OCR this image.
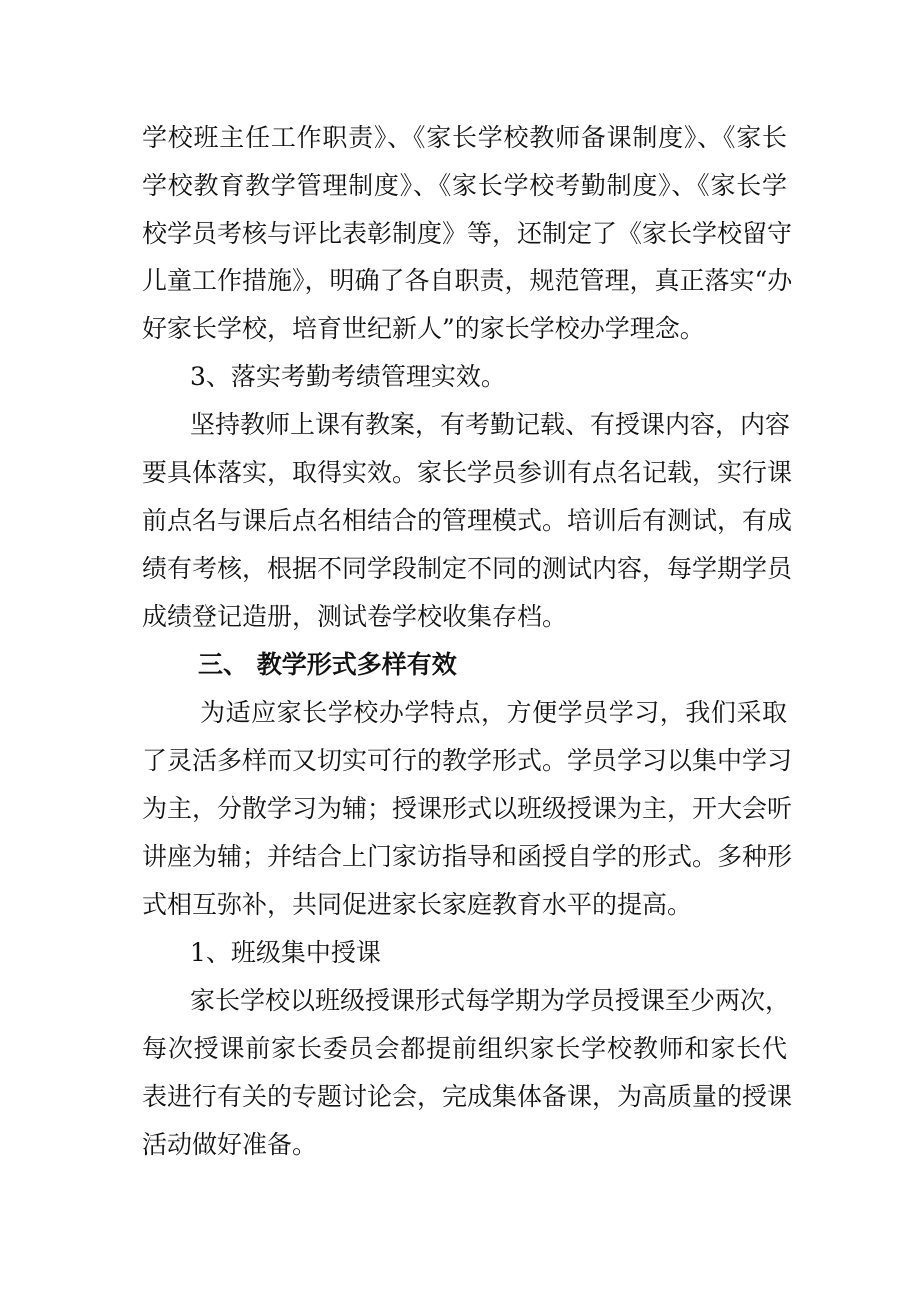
学校班主任工作职责》、《家长学校教师备课制度》、《家长
学校教育教学管理制度》、《家长学校考勤制度》、《家长学
校学员考核与评比表彰制度》等，还制定了《家长学校留守
儿童工作措施》，明确了各自职责，规范管理，真正落实“办
好家长学校，培育世纪新人”的家长学校办学理念。
3、落实考勤考绩管理实效。
坚持教师上课有教案，有考勤记载、有授课内容，内容
要具体落实，取得实效。家长学员参训有点名记载，实行课
前点名与课后点名相结合的管理模式。培训后有测试，有成
绩有考核，根据不同学段制定不同的测试内容，每学期学员
成绩登记造册，测试卷学校收集存档。
三、 教学形式多样有效
为适应家长学校办学特点，方便学员学习，我们采取
了灵活多样而又切实可行的教学形式。学员学习以集中学习
为主，分散学习为辅；授课形式以班级授课为主，开大会听
讲座为辅；并结合上门家访指导和函授自学的形式。多种形
式相互弥补，共同促进家长家庭教育水平的提高。
1、班级集中授课
家长学校以班级授课形式每学期为学员授课至少两次，
每次授课前家长委员会都提前组织家长学校教师和家长代
表进行有关的专题讨论会，完成集体备课，为高质量的授课
活动做好准备。
